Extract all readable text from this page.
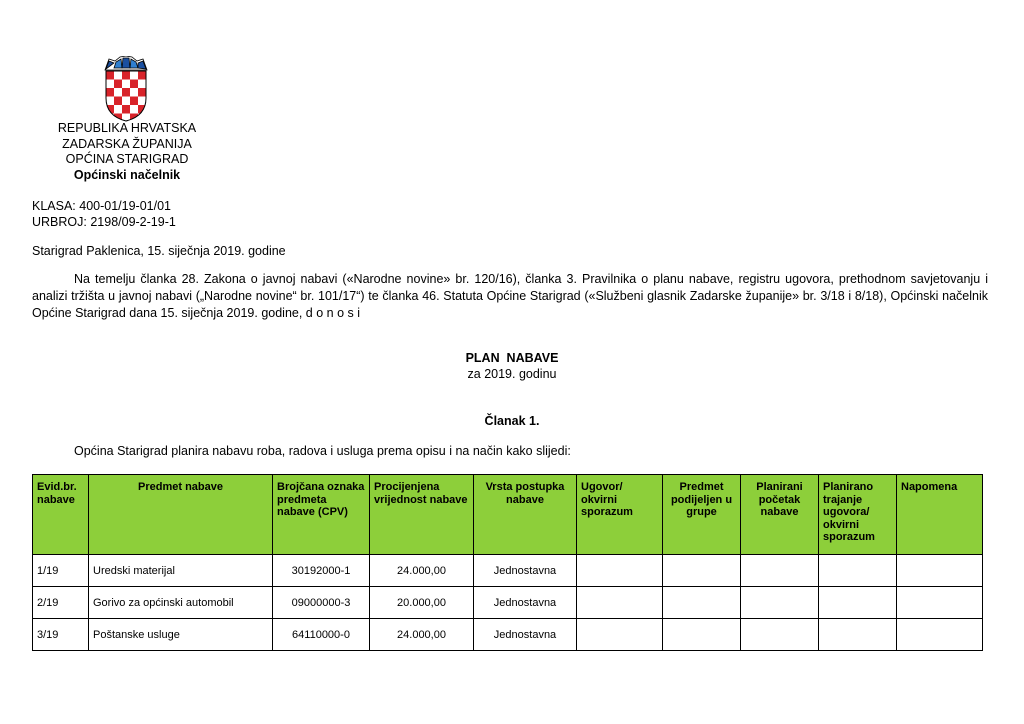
REPUBLIKA HRVATSKA
ZADARSKA ŽUPANIJA
OPĆINA STARIGRAD
Općinski načelnik
KLASA: 400-01/19-01/01
URBROJ: 2198/09-2-19-1
Starigrad Paklenica, 15. siječnja 2019. godine
Na temelju članka 28. Zakona o javnoj nabavi («Narodne novine» br. 120/16), članka 3. Pravilnika o planu nabave, registru ugovora, prethodnom savjetovanju i analizi tržišta u javnoj nabavi („Narodne novine“ br. 101/17“) te članka 46. Statuta Općine Starigrad («Službeni glasnik Zadarske županije» br. 3/18 i 8/18), Općinski načelnik Općine Starigrad dana 15. siječnja 2019. godine, d o n o s i
PLAN  NABAVE
za 2019. godinu
Članak 1.
Općina Starigrad planira nabavu roba, radova i usluga prema opisu i na način kako slijedi:
Evid.br. nabave	Predmet nabave	Brojčana oznaka predmeta nabave (CPV)	Procijenjena vrijednost nabave	Vrsta postupka nabave	Ugovor/ okvirni sporazum	Predmet podijeljen u grupe	Planirani početak nabave	Planirano trajanje ugovora/ okvirni sporazum	Napomena
1/19	Uredski materijal	30192000-1	24.000,00	Jednostavna					
2/19	Gorivo za općinski automobil	09000000-3	20.000,00	Jednostavna					
3/19	Poštanske usluge	64110000-0	24.000,00	Jednostavna					
